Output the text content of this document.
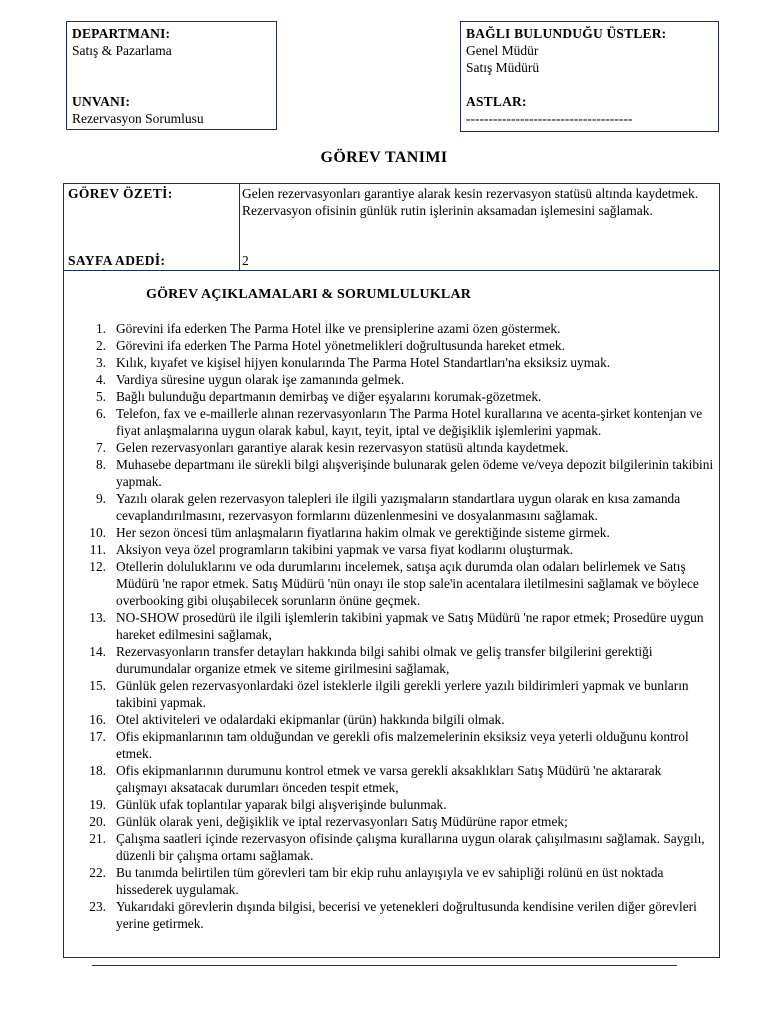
DEPARTMANI:
Satış & Pazarlama
UNVANI:
Rezervasyon Sorumlusu
BAĞLI BULUNDUĞU ÜSTLER:
Genel Müdür
Satış Müdürü
ASTLAR:
-------------------------------------
GÖREV TANIMI
GÖREV ÖZETİ:
SAYFA ADEDİ:
Gelen rezervasyonları garantiye alarak kesin rezervasyon statüsü altında kaydetmek. Rezervasyon ofisinin günlük rutin işlerinin aksamadan işlemesini sağlamak.
2
GÖREV AÇIKLAMALARI & SORUMLULUKLAR
1. Görevini ifa ederken The Parma Hotel ilke ve prensiplerine azami özen göstermek.
2. Görevini ifa ederken The Parma Hotel yönetmelikleri doğrultusunda hareket etmek.
3. Kılık, kıyafet ve kişisel hijyen konularında The Parma Hotel Standartları'na eksiksiz uymak.
4. Vardiya süresine uygun olarak işe zamanında gelmek.
5. Bağlı bulunduğu departmanın demirbaş ve diğer eşyalarını korumak-gözetmek.
6. Telefon, fax ve e-maillerle alınan rezervasyonların The Parma Hotel kurallarına ve acenta-şirket kontenjan ve fiyat anlaşmalarına uygun olarak kabul, kayıt, teyit, iptal ve değişiklik işlemlerini yapmak.
7. Gelen rezervasyonları garantiye alarak kesin rezervasyon statüsü altında kaydetmek.
8. Muhasebe departmanı ile sürekli bilgi alışverişinde bulunarak gelen ödeme ve/veya depozit bilgilerinin takibini yapmak.
9. Yazılı olarak gelen rezervasyon talepleri ile ilgili yazışmaların standartlara uygun olarak en kısa zamanda cevaplandırılmasını, rezervasyon formlarını düzenlenmesini ve dosyalanmasını sağlamak.
10. Her sezon öncesi tüm anlaşmaların fiyatlarına hakim olmak ve gerektiğinde sisteme girmek.
11. Aksiyon veya özel programların takibini yapmak ve varsa fiyat kodlarını oluşturmak.
12. Otellerin doluluklarını ve oda durumlarını incelemek, satışa açık durumda olan odaları belirlemek ve Satış Müdürü 'ne rapor etmek. Satış Müdürü 'nün onayı ile stop sale'in acentalara iletilmesini sağlamak ve böylece overbooking gibi oluşabilecek sorunların önüne geçmek.
13. NO-SHOW prosedürü ile ilgili işlemlerin takibini yapmak ve Satış Müdürü 'ne rapor etmek; Prosedüre uygun hareket edilmesini sağlamak,
14. Rezervasyonların transfer detayları hakkında bilgi sahibi olmak ve geliş transfer bilgilerini gerektiği durumundalar organize etmek ve siteme girilmesini sağlamak,
15. Günlük gelen rezervasyonlardaki özel isteklerle ilgili gerekli yerlere yazılı bildirimleri yapmak ve bunların takibini yapmak.
16. Otel aktiviteleri ve odalardaki ekipmanlar (ürün) hakkında bilgili olmak.
17. Ofis ekipmanlarının tam olduğundan ve gerekli ofis malzemelerinin eksiksiz veya yeterli olduğunu kontrol etmek.
18. Ofis ekipmanlarının durumunu kontrol etmek ve varsa gerekli aksaklıkları Satış Müdürü 'ne aktararak çalışmayı aksatacak durumları önceden tespit etmek,
19. Günlük ufak toplantılar yaparak bilgi alışverişinde bulunmak.
20. Günlük olarak yeni, değişiklik ve iptal rezervasyonları Satış Müdürüne rapor etmek;
21. Çalışma saatleri içinde rezervasyon ofisinde çalışma kurallarına uygun olarak çalışılmasını sağlamak. Saygılı, düzenli bir çalışma ortamı sağlamak.
22. Bu tanımda belirtilen tüm görevleri tam bir ekip ruhu anlayışıyla ve ev sahipliği rolünü en üst noktada hissederek uygulamak.
23. Yukarıdaki görevlerin dışında bilgisi, becerisi ve yetenekleri doğrultusunda kendisine verilen diğer görevleri yerine getirmek.
